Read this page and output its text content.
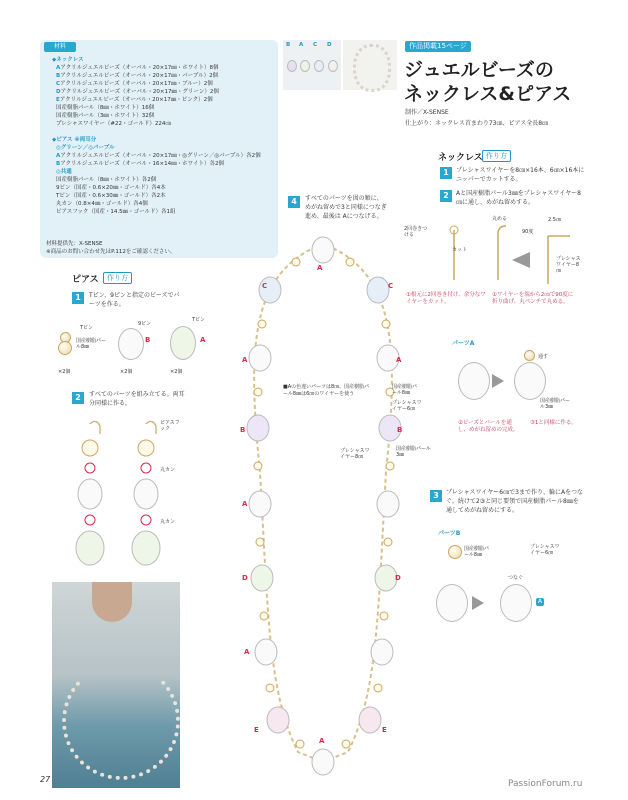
材料
◆ネックレス
Aアクリルジュエルビーズ（オーバル・20×17㎜・ホワイト）8個
Bアクリルジュエルビーズ（オーバル・20×17㎜・パープル）2個
Cアクリルジュエルビーズ（オーバル・20×17㎜・ブルー）2個
Dアクリルジュエルビーズ（オーバル・20×17㎜・グリーン）2個
Eアクリルジュエルビーズ（オーバル・20×17㎜・ピンク）2個
国産樹脂パール（8㎜・ホワイト）16個
国産樹脂パール（3㎜・ホワイト）32個
プレシャスワイヤー（#22・ゴールド）224㎝
◆ピアス ※両耳分
◎グリーン／◎パープル
Aアクリルジュエルビーズ（オーバル・20×17㎜・◎グリーン／◎パープル）各2個
Bアクリルジュエルビーズ（オーバル・16×14㎜・ホワイト）各2個
◎共通
国産樹脂パール（8㎜・ホワイト）各2個
9ピン（国産・0.6×20㎜・ゴールド）各4本
Tピン（国産・0.6×30㎜・ゴールド）各2本
丸カン（0.8×4㎜・ゴールド）各4個
ピアスフック（国産・14.5㎜・ゴールド）各1組
材料提供先：X-SENSE
※商品のお問い合わせ先はP.112をご確認ください。
B A C D	作品掲載15ページ
ジュエルビーズの
ネックレス&ピアス
制作／X-SENSE
仕上がり：ネックレス首まわり73㎝、ピアス全長8㎝
ピアス	作り方
1	Tピン、9ピンと指定のビーズでパーツを作る。
Tピン
国産樹脂パール8㎜
×2個
9ピン
B
×2個
Tピン
A
×2個
2	すべてのパーツを組み立てる。両耳分同様に作る。
ピアスフック
丸カン
丸カン
4	すべてのパーツを図の順に、めがね留めで3と同様につなぎ進め、最後は Aにつなげる。
A
C	C
A	A
B	B
A
D	D
A
E	E
A
■Aの色違いパーツは8㎝、国産樹脂パール8㎜は6㎝のワイヤーを使う
国産樹脂パール8㎜
プレシャスワイヤー6㎝
国産樹脂パール3㎜
プレシャスワイヤー8㎝
ネックレス 作り方
1	プレシャスワイヤーを8㎝×16本、6㎝×16本にニッパーでカットする。
2	Aと国産樹脂パール3㎜をプレシャスワイヤー8㎝に通し、めがね留めする。
2回巻きつける
カット
丸める	2.5㎝
90度
プレシャスワイヤー8㎝
①根元に2回巻き付け、余分なワイヤーをカット。
①ワイヤーを端から2㎝で90度に折り曲げ、丸ペンチで丸める。
パーツA
通す
国産樹脂パール3㎜
②ビーズとパールを通し、めがね留めの完成。
③1と同様に作る。
3	プレシャスワイヤー6㎝で3まで作り、輪にAをつなぐ。続けて2③と同じ要領で国産樹脂パール8㎜を通してめがね留めにする。
パーツB
国産樹脂パール8㎜
プレシャスワイヤー6㎝
つなぐ
A
27	PassionForum.ru
